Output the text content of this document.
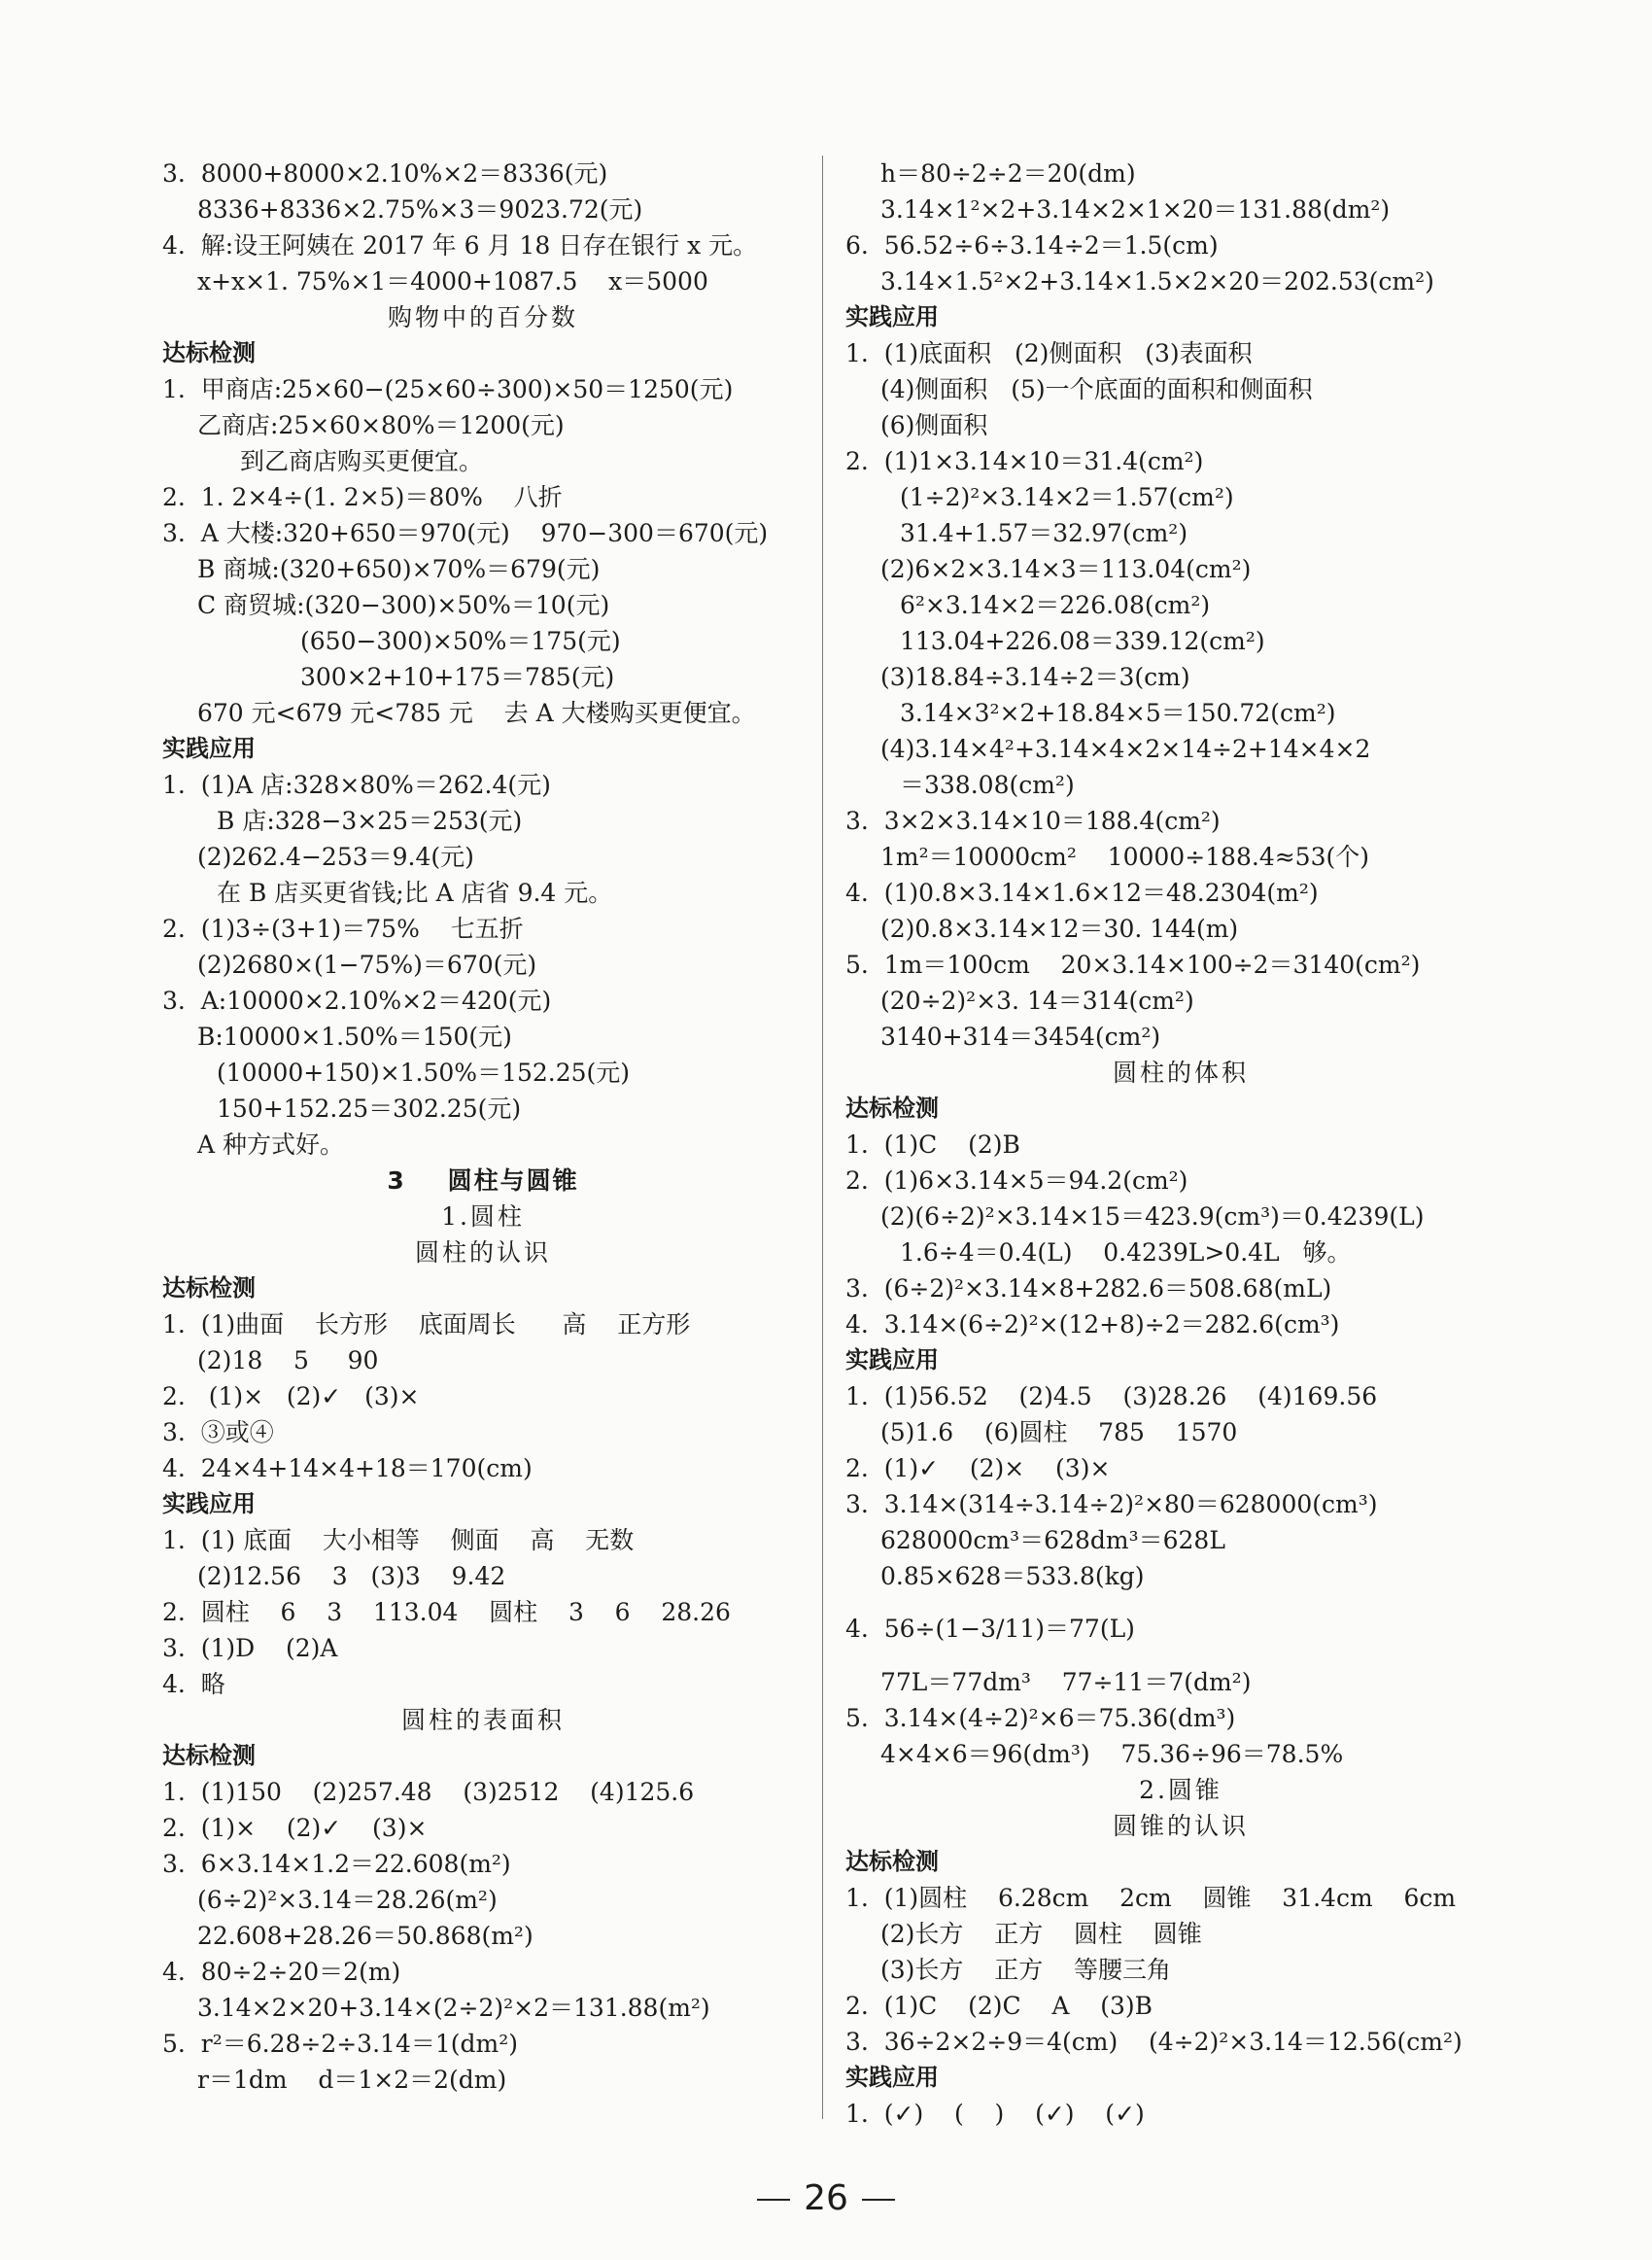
3.  8000+8000×2.10%×2＝8336(元)
8336+8336×2.75%×3＝9023.72(元)
4.  解:设王阿姨在 2017 年 6 月 18 日存在银行 x 元。
x+x×1. 75%×1＝4000+1087.5    x＝5000
购物中的百分数
达标检测
1.  甲商店:25×60−(25×60÷300)×50＝1250(元)
乙商店:25×60×80%＝1200(元)
到乙商店购买更便宜。
2.  1. 2×4÷(1. 2×5)＝80%    八折
3.  A 大楼:320+650＝970(元)    970−300＝670(元)
B 商城:(320+650)×70%＝679(元)
C 商贸城:(320−300)×50%＝10(元)
(650−300)×50%＝175(元)
300×2+10+175＝785(元)
670 元<679 元<785 元    去 A 大楼购买更便宜。
实践应用
1.  (1)A 店:328×80%＝262.4(元)
B 店:328−3×25＝253(元)
(2)262.4−253＝9.4(元)
在 B 店买更省钱;比 A 店省 9.4 元。
2.  (1)3÷(3+1)＝75%    七五折
(2)2680×(1−75%)＝670(元)
3.  A:10000×2.10%×2＝420(元)
B:10000×1.50%＝150(元)
(10000+150)×1.50%＝152.25(元)
150+152.25＝302.25(元)
A 种方式好。
3    圆柱与圆锥
1.圆柱
圆柱的认识
达标检测
1.  (1)曲面    长方形    底面周长      高    正方形
(2)18    5     90
2.   (1)×   (2)✓   (3)×
3.  ③或④
4.  24×4+14×4+18＝170(cm)
实践应用
1.  (1) 底面    大小相等    侧面    高    无数
(2)12.56    3   (3)3    9.42
2.  圆柱    6    3    113.04    圆柱    3    6    28.26
3.  (1)D    (2)A
4.  略
圆柱的表面积
达标检测
1.  (1)150    (2)257.48    (3)2512    (4)125.6
2.  (1)×    (2)✓    (3)×
3.  6×3.14×1.2＝22.608(m²)
(6÷2)²×3.14＝28.26(m²)
22.608+28.26＝50.868(m²)
4.  80÷2÷20＝2(m)
3.14×2×20+3.14×(2÷2)²×2＝131.88(m²)
5.  r²＝6.28÷2÷3.14＝1(dm²)
r＝1dm    d＝1×2＝2(dm)
h＝80÷2÷2＝20(dm)
3.14×1²×2+3.14×2×1×20＝131.88(dm²)
6.  56.52÷6÷3.14÷2＝1.5(cm)
3.14×1.5²×2+3.14×1.5×2×20＝202.53(cm²)
实践应用
1.  (1)底面积   (2)侧面积   (3)表面积
(4)侧面积   (5)一个底面的面积和侧面积
(6)侧面积
2.  (1)1×3.14×10＝31.4(cm²)
(1÷2)²×3.14×2＝1.57(cm²)
31.4+1.57＝32.97(cm²)
(2)6×2×3.14×3＝113.04(cm²)
6²×3.14×2＝226.08(cm²)
113.04+226.08＝339.12(cm²)
(3)18.84÷3.14÷2＝3(cm)
3.14×3²×2+18.84×5＝150.72(cm²)
(4)3.14×4²+3.14×4×2×14÷2+14×4×2
＝338.08(cm²)
3.  3×2×3.14×10＝188.4(cm²)
1m²＝10000cm²    10000÷188.4≈53(个)
4.  (1)0.8×3.14×1.6×12＝48.2304(m²)
(2)0.8×3.14×12＝30. 144(m)
5.  1m＝100cm    20×3.14×100÷2＝3140(cm²)
(20÷2)²×3. 14＝314(cm²)
3140+314＝3454(cm²)
圆柱的体积
达标检测
1.  (1)C    (2)B
2.  (1)6×3.14×5＝94.2(cm²)
(2)(6÷2)²×3.14×15＝423.9(cm³)＝0.4239(L)
1.6÷4＝0.4(L)    0.4239L>0.4L   够。
3.  (6÷2)²×3.14×8+282.6＝508.68(mL)
4.  3.14×(6÷2)²×(12+8)÷2＝282.6(cm³)
实践应用
1.  (1)56.52    (2)4.5    (3)28.26    (4)169.56
(5)1.6    (6)圆柱    785    1570
2.  (1)✓    (2)×    (3)×
3.  3.14×(314÷3.14÷2)²×80＝628000(cm³)
628000cm³＝628dm³＝628L
0.85×628＝533.8(kg)
4.  56÷(1−3/11)＝77(L)
77L＝77dm³    77÷11＝7(dm²)
5.  3.14×(4÷2)²×6＝75.36(dm³)
4×4×6＝96(dm³)    75.36÷96＝78.5%
2.圆锥
圆锥的认识
达标检测
1.  (1)圆柱    6.28cm    2cm    圆锥    31.4cm    6cm
(2)长方    正方    圆柱    圆锥
(3)长方    正方    等腰三角
2.  (1)C    (2)C    A    (3)B
3.  36÷2×2÷9＝4(cm)    (4÷2)²×3.14＝12.56(cm²)
实践应用
1.  (✓)    (    )    (✓)    (✓)
26
